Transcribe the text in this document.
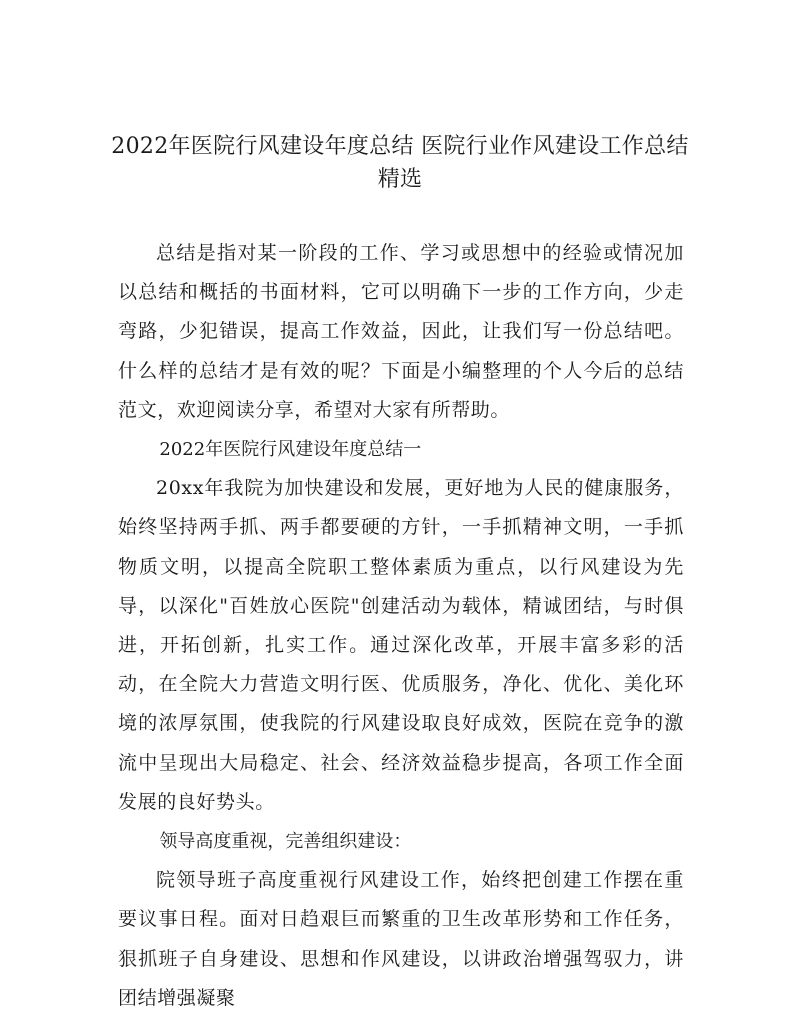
2022年医院行风建设年度总结 医院行业作风建设工作总结精选

总结是指对某一阶段的工作、学习或思想中的经验或情况加以总结和概括的书面材料，它可以明确下一步的工作方向，少走弯路，少犯错误，提高工作效益，因此，让我们写一份总结吧。什么样的总结才是有效的呢？下面是小编整理的个人今后的总结范文，欢迎阅读分享，希望对大家有所帮助。

2022年医院行风建设年度总结一

20xx年我院为加快建设和发展，更好地为人民的健康服务，始终坚持两手抓、两手都要硬的方针，一手抓精神文明，一手抓物质文明，以提高全院职工整体素质为重点，以行风建设为先导，以深化"百姓放心医院"创建活动为载体，精诚团结，与时俱进，开拓创新，扎实工作。通过深化改革，开展丰富多彩的活动，在全院大力营造文明行医、优质服务，净化、优化、美化环境的浓厚氛围，使我院的行风建设取良好成效，医院在竞争的激流中呈现出大局稳定、社会、经济效益稳步提高，各项工作全面发展的良好势头。

领导高度重视，完善组织建设：

院领导班子高度重视行风建设工作，始终把创建工作摆在重要议事日程。面对日趋艰巨而繁重的卫生改革形势和工作任务，狠抓班子自身建设、思想和作风建设，以讲政治增强驾驭力，讲团结增强凝聚
